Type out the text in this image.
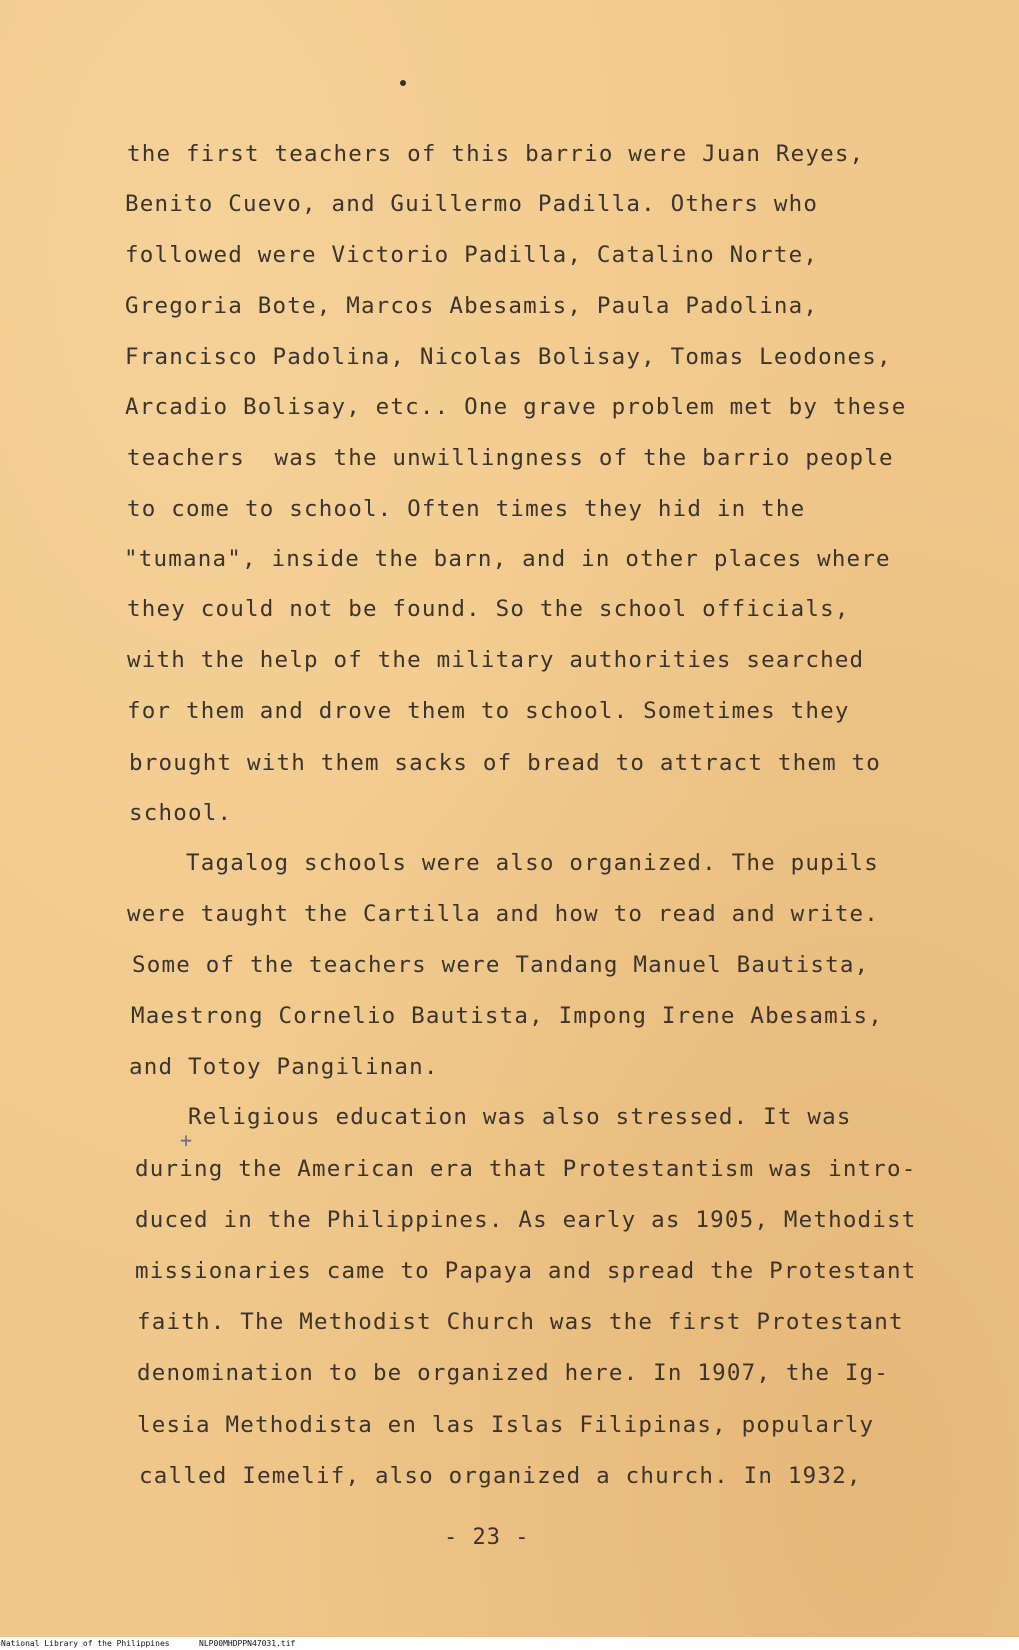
the first teachers of this barrio were Juan Reyes,
Benito Cuevo, and Guillermo Padilla. Others who
followed were Victorio Padilla, Catalino Norte,
Gregoria Bote, Marcos Abesamis, Paula Padolina,
Francisco Padolina, Nicolas Bolisay, Tomas Leodones,
Arcadio Bolisay, etc.. One grave problem met by these
teachers  was the unwillingness of the barrio people
to come to school. Often times they hid in the
"tumana", inside the barn, and in other places where
they could not be found. So the school officials,
with the help of the military authorities searched
for them and drove them to school. Sometimes they
brought with them sacks of bread to attract them to
school.
Tagalog schools were also organized. The pupils
were taught the Cartilla and how to read and write.
Some of the teachers were Tandang Manuel Bautista,
Maestrong Cornelio Bautista, Impong Irene Abesamis,
and Totoy Pangilinan.
Religious education was also stressed. It was
during the American era that Protestantism was intro-
duced in the Philippines. As early as 1905, Methodist
missionaries came to Papaya and spread the Protestant
faith. The Methodist Church was the first Protestant
denomination to be organized here. In 1907, the Ig-
lesia Methodista en las Islas Filipinas, popularly
called Iemelif, also organized a church. In 1932,
+
- 23 -
National Library of the Philippines	NLP00MHDPPN47031.tif
